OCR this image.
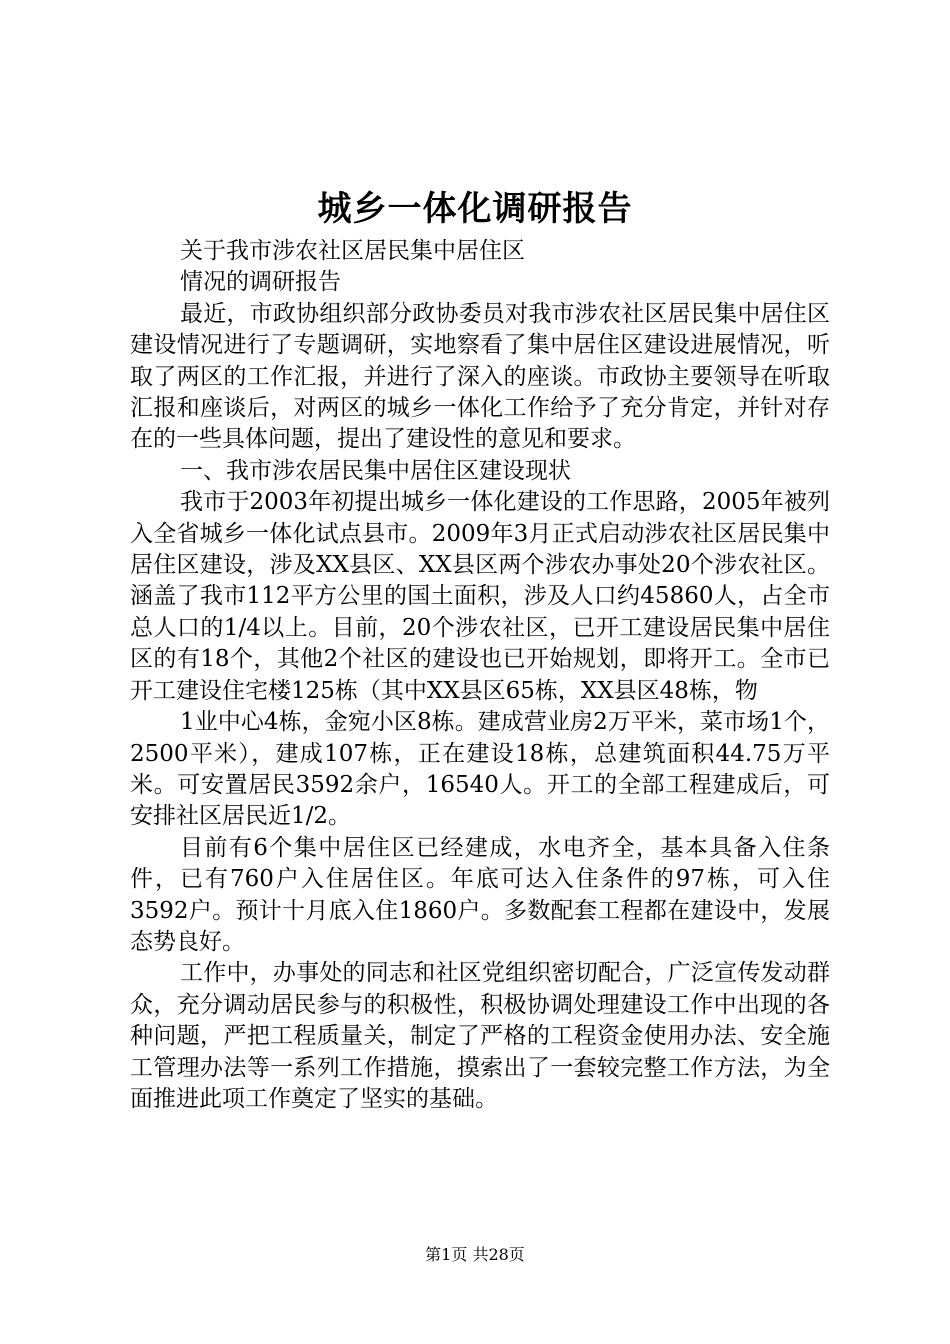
城乡一体化调研报告

关于我市涉农社区居民集中居住区

情况的调研报告

最近，市政协组织部分政协委员对我市涉农社区居民集中居住区建设情况进行了专题调研，实地察看了集中居住区建设进展情况，听取了两区的工作汇报，并进行了深入的座谈。市政协主要领导在听取汇报和座谈后，对两区的城乡一体化工作给予了充分肯定，并针对存在的一些具体问题，提出了建设性的意见和要求。

一、我市涉农居民集中居住区建设现状

我市于2003年初提出城乡一体化建设的工作思路，2005年被列入全省城乡一体化试点县市。2009年3月正式启动涉农社区居民集中居住区建设，涉及XX县区、XX县区两个涉农办事处20个涉农社区。涵盖了我市112平方公里的国土面积，涉及人口约45860人，占全市总人口的1/4以上。目前，20个涉农社区，已开工建设居民集中居住区的有18个，其他2个社区的建设也已开始规划，即将开工。全市已开工建设住宅楼125栋（其中XX县区65栋，XX县区48栋，物

1业中心4栋，金宛小区8栋。建成营业房2万平米，菜市场1个，2500平米），建成107栋，正在建设18栋，总建筑面积44.75万平米。可安置居民3592余户，16540人。开工的全部工程建成后，可安排社区居民近1/2。

目前有6个集中居住区已经建成，水电齐全，基本具备入住条件，已有760户入住居住区。年底可达入住条件的97栋，可入住3592户。预计十月底入住1860户。多数配套工程都在建设中，发展态势良好。

工作中，办事处的同志和社区党组织密切配合，广泛宣传发动群众，充分调动居民参与的积极性，积极协调处理建设工作中出现的各种问题，严把工程质量关，制定了严格的工程资金使用办法、安全施工管理办法等一系列工作措施，摸索出了一套较完整工作方法，为全面推进此项工作奠定了坚实的基础。

第1页 共28页
